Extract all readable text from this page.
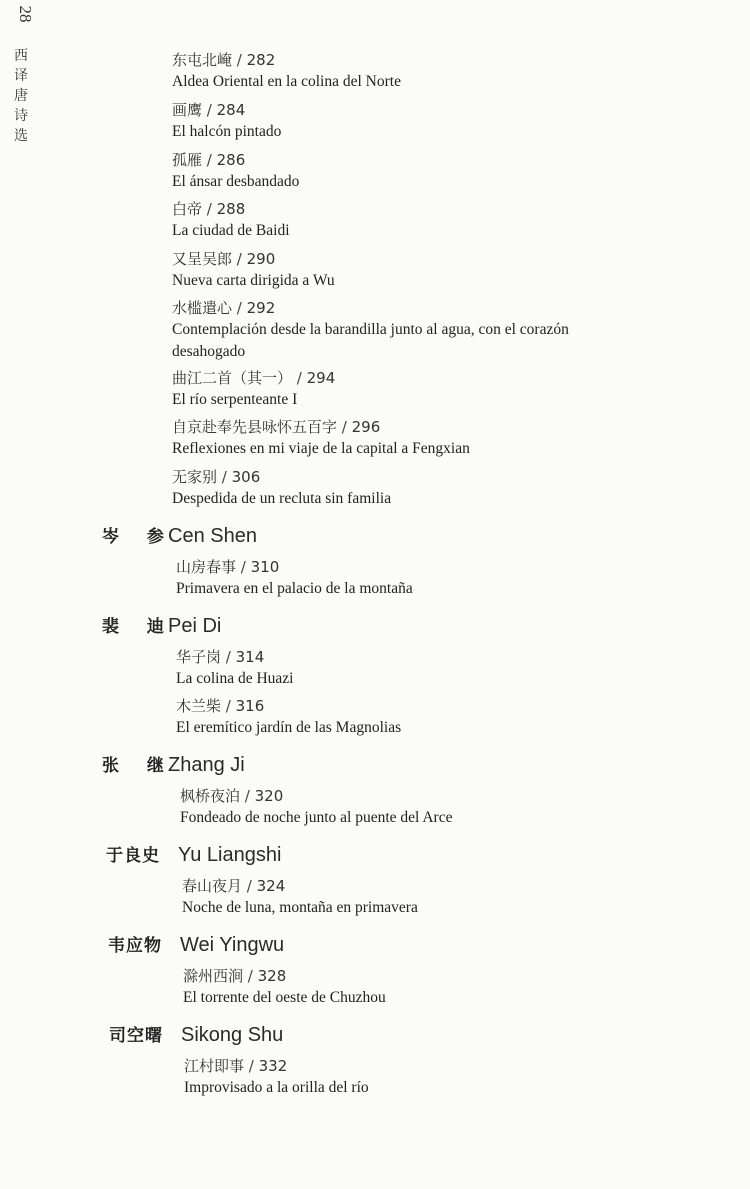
28
西译唐诗选
东屯北崦 / 282
Aldea Oriental en la colina del Norte
画鹰 / 284
El halcón pintado
孤雁 / 286
El ánsar desbandado
白帝 / 288
La ciudad de Baidi
又呈吴郎 / 290
Nueva carta dirigida a Wu
水槛遣心 / 292
Contemplación desde la barandilla junto al agua, con el corazón desahogado
曲江二首（其一） / 294
El río serpenteante I
自京赴奉先县咏怀五百字 / 296
Reflexiones en mi viaje de la capital a Fengxian
无家别 / 306
Despedida de un recluta sin familia
岑 参Cen Shen
山房春事 / 310
Primavera en el palacio de la montaña
裴 迪Pei Di
华子岗 / 314
La colina de Huazi
木兰柴 / 316
El eremítico jardín de las Magnolias
张 继Zhang Ji
枫桥夜泊 / 320
Fondeado de noche junto al puente del Arce
于良史 Yu Liangshi
春山夜月 / 324
Noche de luna, montaña en primavera
韦应物 Wei Yingwu
滁州西涧 / 328
El torrente del oeste de Chuzhou
司空曙 Sikong Shu
江村即事 / 332
Improvisado a la orilla del río
